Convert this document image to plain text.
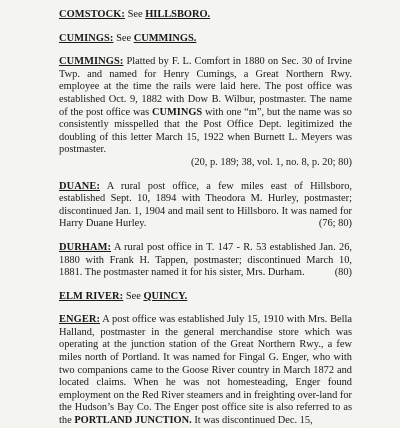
COMSTOCK: See HILLSBORO.

CUMINGS: See CUMMINGS.

CUMMINGS: Platted by F. L. Comfort in 1880 on Sec. 30 of Irvine Twp. and named for Henry Cumings, a Great Northern Rwy. employee at the time the rails were laid here. The post office was established Oct. 9, 1882 with Dow B. Wilbur, postmaster. The name of the post office was CUMINGS with one “m”, but the name was so consistently misspelled that the Post Office Dept. legitimized the doubling of this letter March 15, 1922 when Burnett L. Meyers was postmaster.
(20, p. 189; 38, vol. 1, no. 8, p. 20; 80)

DUANE: A rural post office, a few miles east of Hillsboro, established Sept. 10, 1894 with Theodora M. Hurley, postmaster; discontinued Jan. 1, 1904 and mail sent to Hillsboro. It was named for Harry Duane Hurley.	(76; 80)

DURHAM: A rural post office in T. 147 - R. 53 established Jan. 26, 1880 with Frank H. Tappen, postmaster; discontinued March 10, 1881. The postmaster named it for his sister, Mrs. Durham.	(80)

ELM RIVER: See QUINCY.

ENGER: A post office was established July 15, 1910 with Mrs. Bella Halland, postmaster in the general merchandise store which was operating at the junction station of the Great Northern Rwy., a few miles north of Portland. It was named for Fingal G. Enger, who with two companions came to the Goose River country in March 1872 and located claims. When he was not homesteading, Enger found employment on the Red River steamers and in freighting over-land for the Hudson’s Bay Co. The Enger post office site is also referred to as the PORTLAND JUNCTION. It was discontinued Dec. 15,
